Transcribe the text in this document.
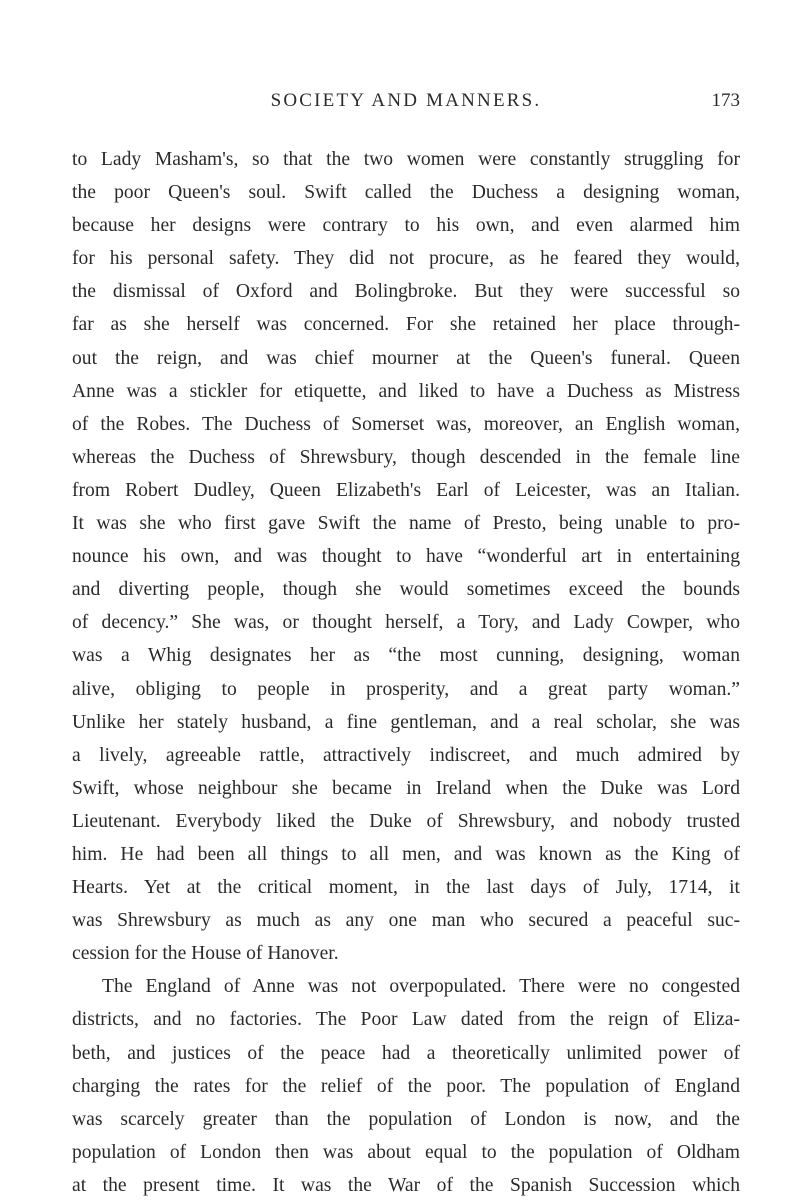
SOCIETY AND MANNERS.	173
to Lady Masham's, so that the two women were constantly struggling for
the poor Queen's soul. Swift called the Duchess a designing woman,
because her designs were contrary to his own, and even alarmed him
for his personal safety. They did not procure, as he feared they would,
the dismissal of Oxford and Bolingbroke. But they were successful so
far as she herself was concerned. For she retained her place through-
out the reign, and was chief mourner at the Queen's funeral. Queen
Anne was a stickler for etiquette, and liked to have a Duchess as Mistress
of the Robes. The Duchess of Somerset was, moreover, an English woman,
whereas the Duchess of Shrewsbury, though descended in the female line
from Robert Dudley, Queen Elizabeth's Earl of Leicester, was an Italian.
It was she who first gave Swift the name of Presto, being unable to pro-
nounce his own, and was thought to have “wonderful art in entertaining
and diverting people, though she would sometimes exceed the bounds
of decency.” She was, or thought herself, a Tory, and Lady Cowper, who
was a Whig designates her as “the most cunning, designing, woman
alive, obliging to people in prosperity, and a great party woman.”
Unlike her stately husband, a fine gentleman, and a real scholar, she was
a lively, agreeable rattle, attractively indiscreet, and much admired by
Swift, whose neighbour she became in Ireland when the Duke was Lord
Lieutenant. Everybody liked the Duke of Shrewsbury, and nobody trusted
him. He had been all things to all men, and was known as the King of
Hearts. Yet at the critical moment, in the last days of July, 1714, it
was Shrewsbury as much as any one man who secured a peaceful suc-
cession for the House of Hanover.
The England of Anne was not overpopulated. There were no congested
districts, and no factories. The Poor Law dated from the reign of Eliza-
beth, and justices of the peace had a theoretically unlimited power of
charging the rates for the relief of the poor. The population of England
was scarcely greater than the population of London is now, and the
population of London then was about equal to the population of Oldham
at the present time. It was the War of the Spanish Succession which
